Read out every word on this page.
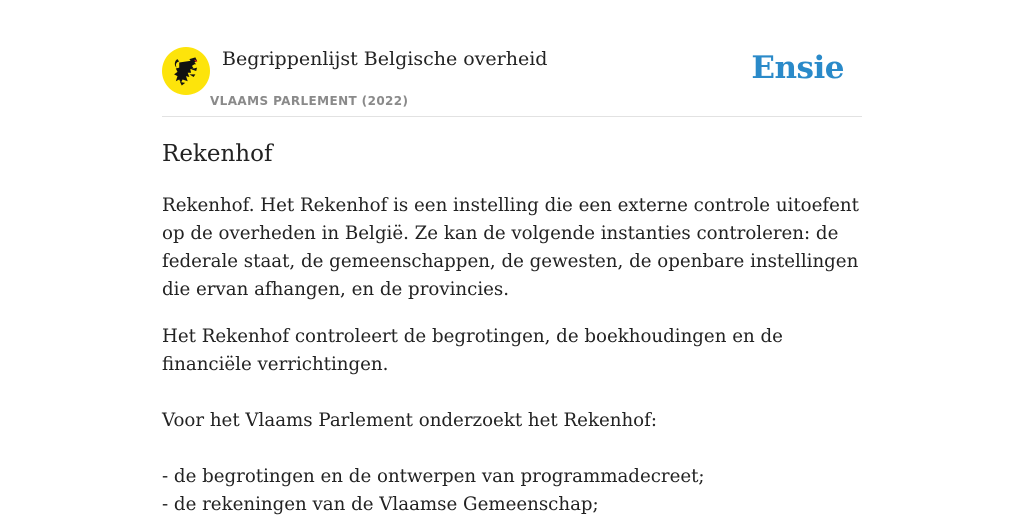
Begrippenlijst Belgische overheid
VLAAMS PARLEMENT (2022)
Ensie
Rekenhof

Rekenhof. Het Rekenhof is een instelling die een externe controle uitoefent op de overheden in België. Ze kan de volgende instanties controleren: de federale staat, de gemeenschappen, de gewesten, de openbare instellingen die ervan afhangen, en de provincies.

Het Rekenhof controleert de begrotingen, de boekhoudingen en de financiële verrichtingen.

Voor het Vlaams Parlement onderzoekt het Rekenhof:
- de begrotingen en de ontwerpen van programmadecreet;
- de rekeningen van de Vlaamse Gemeenschap;
